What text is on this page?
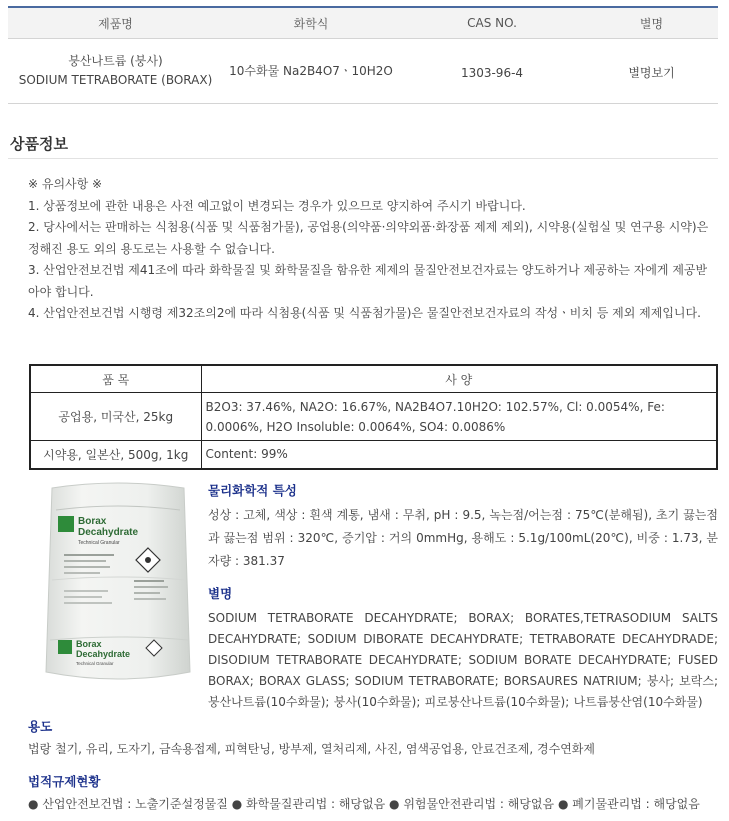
제품명	화학식	CAS NO.	별명

붕산나트륨 (붕사)
SODIUM TETRABORATE (BORAX)	10수화물 Na2B4O7ㆍ10H2O	1303-96-4	별명보기
상품정보

※ 유의사항 ※

1. 상품정보에 관한 내용은 사전 예고없이 변경되는 경우가 있으므로 양지하여 주시기 바랍니다.

2. 당사에서는 판매하는 식첨용(식품 및 식품첨가물), 공업용(의약품·의약외품·화장품 제제 제외), 시약용(실험실 및 연구용 시약)은 정해진 용도 외의 용도로는 사용할 수 없습니다.

3. 산업안전보건법 제41조에 따라 화학물질 및 화학물질을 함유한 제제의 물질안전보건자료는 양도하거나 제공하는 자에게 제공받아야 합니다.

4. 산업안전보건법 시행령 제32조의2에 따라 식첨용(식품 및 식품첨가물)은 물질안전보건자료의 작성ㆍ비치 등 제외 제제입니다.

품 목	사 양
공업용, 미국산, 25kg	B2O3: 37.46%, NA2O: 16.67%, NA2B4O7.10H2O: 102.57%, Cl: 0.0054%, Fe: 0.0006%, H2O Insoluble: 0.0064%, SO4: 0.0086%
시약용, 일본산, 500g, 1kg	Content: 99%
Borax
Decahydrate
Technical Granular
Borax
Decahydrate
Technical Granular
물리화학적 특성
성상 : 고체, 색상 : 흰색 계통, 냄새 : 무취, pH : 9.5, 녹는점/어는점 : 75℃(분해됨), 초기 끓는점과 끓는점 범위 : 320℃, 증기압 : 거의 0mmHg, 용해도 : 5.1g/100mL(20℃), 비중 : 1.73, 분자량 : 381.37
별명
SODIUM TETRABORATE DECAHYDRATE; BORAX; BORATES,TETRASODIUM SALTS DECAHYDRATE; SODIUM DIBORATE DECAHYDRATE; TETRABORATE DECAHYDRADE; DISODIUM TETRABORATE DECAHYDRATE; SODIUM BORATE DECAHYDRATE; FUSED BORAX; BORAX GLASS; SODIUM TETRABORATE; BORSAURES NATRIUM; 붕사; 보락스; 붕산나트륨(10수화물); 붕사(10수화물); 피로붕산나트륨(10수화물); 나트륨붕산염(10수화물)
용도
법랑 철기, 유리, 도자기, 금속용접제, 피혁탄닝, 방부제, 열처리제, 사진, 염색공업용, 안료건조제, 경수연화제
법적규제현황
● 산업안전보건법 : 노출기준설정물질 ● 화학물질관리법 : 해당없음 ● 위험물안전관리법 : 해당없음 ● 폐기물관리법 : 해당없음
